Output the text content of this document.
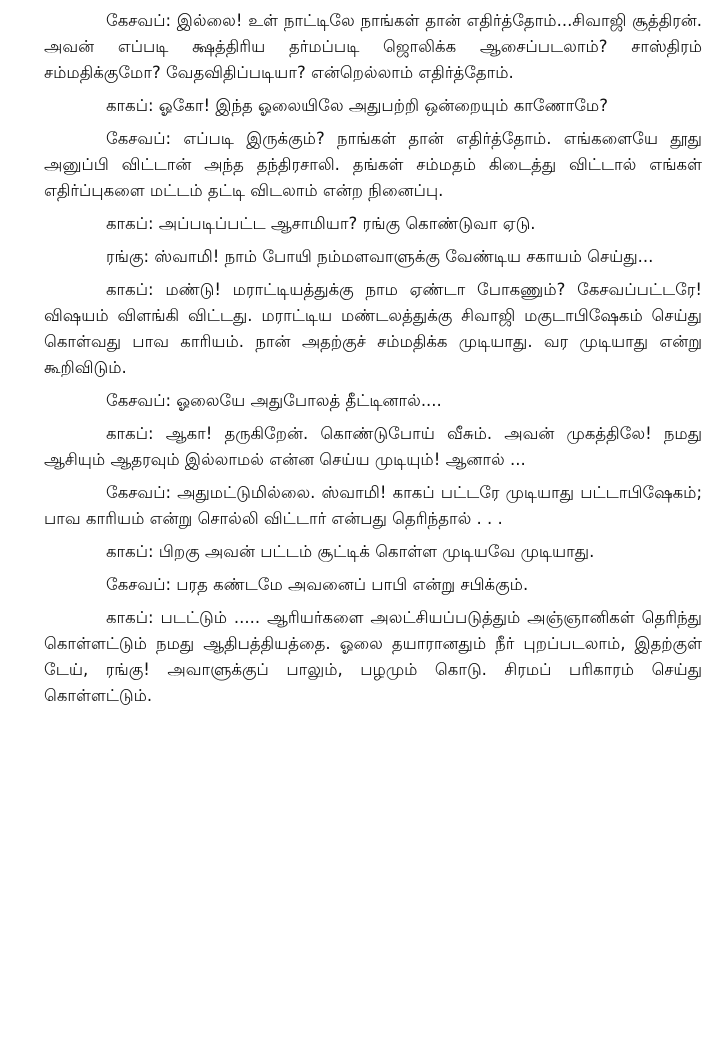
கேசவப்: இல்லை! உள் நாட்டிலே நாங்கள் தான் எதிர்த்தோம்...சிவாஜி சூத்திரன். அவன் எப்படி க்ஷத்திரிய தர்மப்படி ஜொலிக்க ஆசைப்படலாம்? சாஸ்திரம் சம்மதிக்குமோ? வேதவிதிப்படியா? என்றெல்லாம் எதிர்த்தோம்.

காகப்: ஓகோ! இந்த ஓலையிலே அதுபற்றி ஒன்றையும் காணோமே?

கேசவப்: எப்படி இருக்கும்? நாங்கள் தான் எதிர்த்தோம். எங்களையே தூது அனுப்பி விட்டான் அந்த தந்திரசாலி. தங்கள் சம்மதம் கிடைத்து விட்டால் எங்கள் எதிர்ப்புகளை மட்டம் தட்டி விடலாம் என்ற நினைப்பு.

காகப்: அப்படிப்பட்ட ஆசாமியா? ரங்கு கொண்டுவா ஏடு.

ரங்கு: ஸ்வாமி! நாம் போயி நம்மளவாளுக்கு வேண்டிய சகாயம் செய்து...

காகப்: மண்டு! மராட்டியத்துக்கு நாம ஏண்டா போகணும்? கேசவப்பட்டரே! விஷயம் விளங்கி விட்டது. மராட்டிய மண்டலத்துக்கு சிவாஜி மகுடாபிஷேகம் செய்து கொள்வது பாவ காரியம். நான் அதற்குச் சம்மதிக்க முடியாது. வர முடியாது என்று கூறிவிடும்.

கேசவப்: ஓலையே அதுபோலத் தீட்டினால்....

காகப்: ஆகா! தருகிறேன். கொண்டுபோய் வீசும். அவன் முகத்திலே! நமது ஆசியும் ஆதரவும் இல்லாமல் என்ன செய்ய முடியும்! ஆனால் ...

கேசவப்: அதுமட்டுமில்லை. ஸ்வாமி! காகப் பட்டரே முடியாது பட்டாபிஷேகம்; பாவ காரியம் என்று சொல்லி விட்டார் என்பது தெரிந்தால் . . .

காகப்: பிறகு அவன் பட்டம் சூட்டிக் கொள்ள முடியவே முடியாது.

கேசவப்: பரத கண்டமே அவனைப் பாபி என்று சபிக்கும்.

காகப்: படட்டும் ..... ஆரியர்களை அலட்சியப்படுத்தும் அஞ்ஞானிகள் தெரிந்து கொள்ளட்டும் நமது ஆதிபத்தியத்தை. ஓலை தயாரானதும் நீர் புறப்படலாம், இதற்குள் டேய், ரங்கு! அவாளுக்குப் பாலும், பழமும் கொடு. சிரமப் பரிகாரம் செய்து கொள்ளட்டும்.
